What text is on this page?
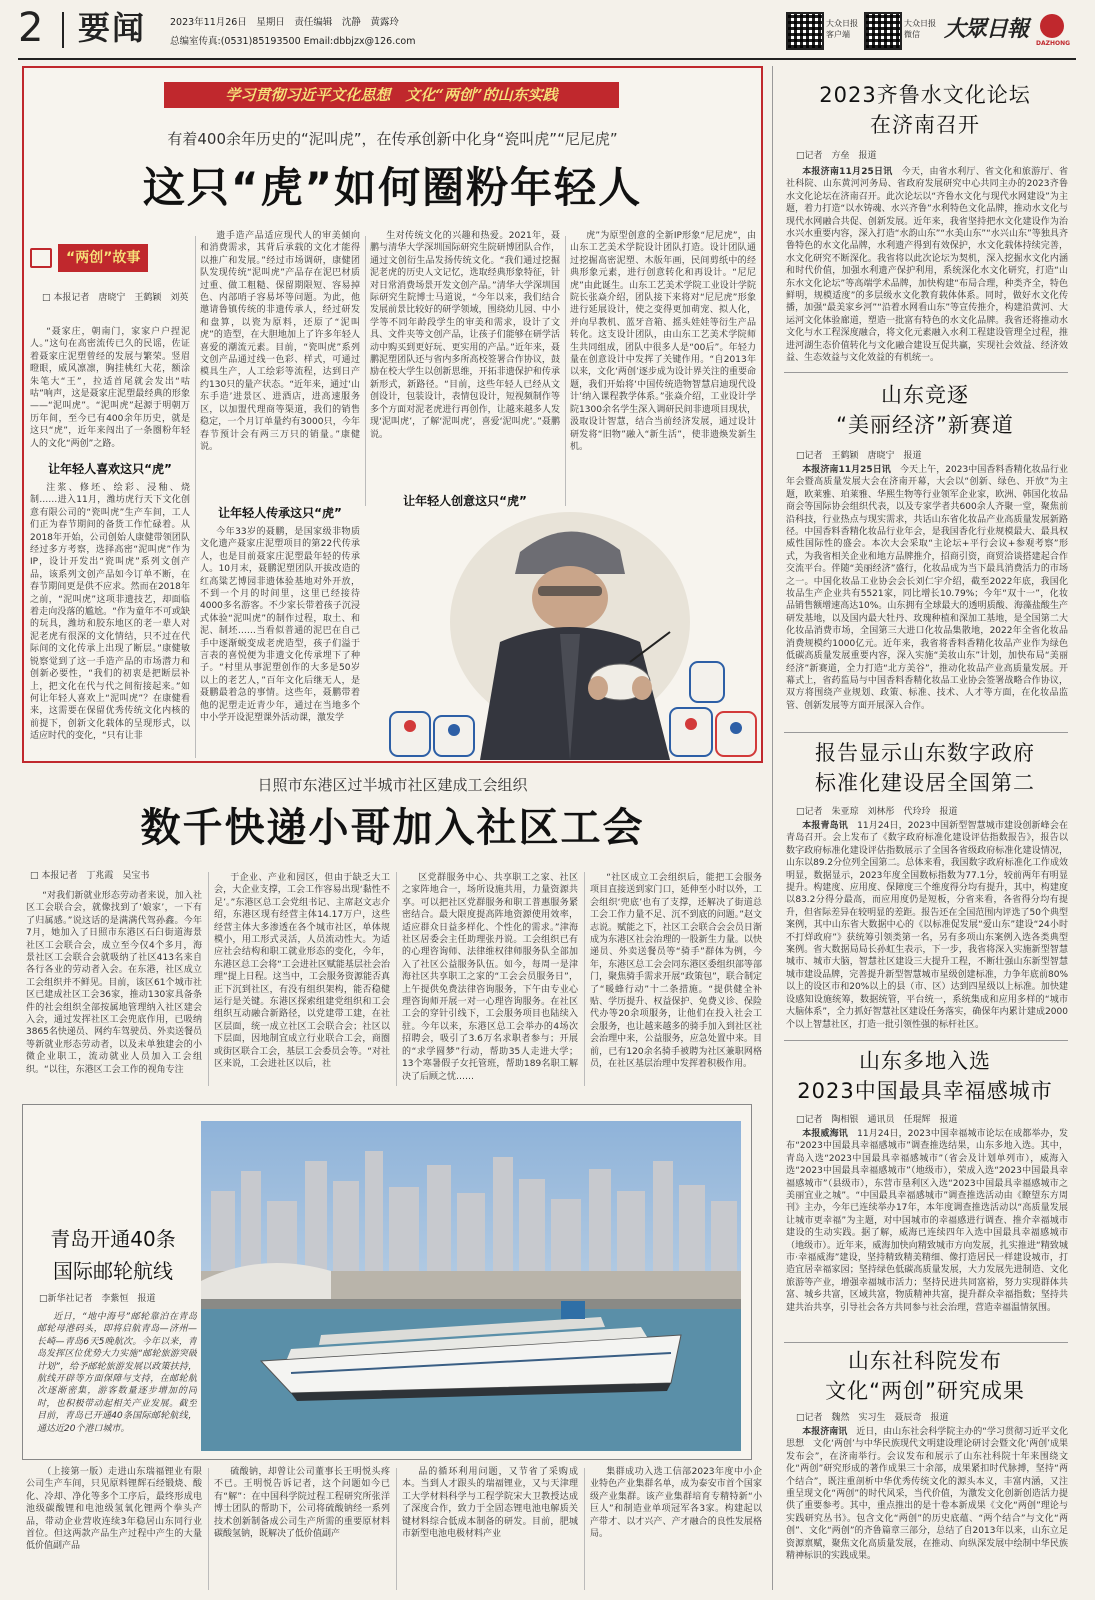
2 要闻	2023年11月26日　星期日　责任编辑　沈静　黄露玲
总编室传真:(0531)85193500 Email:dbbjzx@126.com
大众日报
客户端
大众日报
微信	大眾日報
DAZHONG
学习贯彻习近平文化思想　文化“两创”的山东实践
有着400余年历史的“泥叫虎”，在传承创新中化身“瓷叫虎”“尼尼虎”
这只“虎”如何圈粉年轻人
“两创”故事
□ 本报记者　唐晓宁　王鹤颖　刘英

“聂家庄，朝南门，家家户户捏泥人。”这句在高密流传已久的民谣，佐证着聂家庄泥塑曾经的发展与繁荣。竖眉瞪眼，威风凛凛，胸挂桃红大花，额涂朱笔大“王”，拉适首尾就会发出“咕咕”响声，这是聂家庄泥塑最经典的形象——“泥叫虎”。“泥叫虎”起源于明朝万历年间，至今已有400余年历史，就是这只“虎”，近年来闯出了一条圈粉年轻人的文化“两创”之路。

让年轻人喜欢这只“虎”

注浆、修坯、绘彩、浸釉、烧制……进入11月，潍坊虎行天下文化创意有限公司的“瓷叫虎”生产车间，工人们正为春节期间的备货工作忙碌着。从2018年开始，公司创始人康健带领团队经过多方考察，选择高密“泥叫虎”作为IP，设计开发出“瓷叫虎”系列文创产品，该系列文创产品如今订单不断，在春节期间更是供不应求。然而在2018年之前，“泥叫虎”这项非遗技艺，却面临着走向没落的尴尬。“作为童年不可或缺的玩具，潍坊和胶东地区的老一辈人对泥老虎有很深的文化情结，只不过在代际间的文化传承上出现了断层。”康健敏锐察觉到了这一手造产品的市场潜力和创新必要性，“我们的初衷是把断层补上，把文化在代与代之间衔接起来。”如何让年轻人喜欢上“泥叫虎”？在康健看来，这需要在保留优秀传统文化内核的前提下，创新文化载体的呈现形式，以适应时代的变化，“只有让非

遗手造产品适应现代人的审美倾向和消费需求，其背后承载的文化才能得以推广和发展。”经过市场调研，康健团队发现传统“泥叫虎”产品存在泥巴材质过重、做工粗糙、保留期限短、容易掉色、内部哨子容易坏等问题。为此，他邀请鲁镇传统的非遗传承人，经过研发和盘算，以瓷为原料，还原了“泥叫虎”的造型，在大胆地加上了许多年轻人喜爱的潮流元素。目前，“瓷叫虎”系列文创产品通过线一色彩、样式，可通过模具生产，人工绘彩等流程，达到日产约130只的量产状态。“近年来，通过‘山东手造’进景区、进酒店，进高速服务区，以加盟代理商等渠道，我们的销售稳定，一个月订单量约有3000只，今年春节预计会有两三万只的销量。”康健说。

让年轻人传承这只“虎”

今年33岁的聂鹏，是国家级非物质文化遗产聂家庄泥塑项目的第22代传承人，也是目前聂家庄泥塑最年轻的传承人。10月末，聂鹏泥塑团队开拔改造的红高粱艺博园非遗体验基地对外开放，不到一个月的时间里，这里已经接待4000多名游客。不少家长带着孩子沉浸式体验“泥叫虎”的制作过程，取土、和泥、制坯……当看似普通的泥巴在自己手中逐渐蜕变成老虎造型，孩子们溢于言表的喜悦便为非遗文化传承埋下了种子。“村里从事泥塑创作的大多是50岁以上的老艺人，”百年文化后继无人，是聂鹏最着急的事情。这些年，聂鹏带着他的泥塑走近青少年，通过在当地多个中小学开设泥塑课外活动课，激发学

生对传统文化的兴趣和热爱。2021年，聂鹏与清华大学深圳国际研究生院研博团队合作，通过文创衍生品发扬传统文化。“我们通过挖掘泥老虎的历史人文记忆，选取经典形象特征，针对日常消费场景开发文创产品。”清华大学深圳国际研究生院博士马道说，“今年以来，我们结合发展前景比较好的研学领域，围绕幼儿园、中小学等不同年龄段学生的审美和需求，设计了文具、文件夹等文创产品，让孩子们能够在研学活动中购买到更好玩、更实用的产品。”近年来，聂鹏泥塑团队还与省内多所高校签署合作协议，鼓励在校大学生以创新思维，开拓非遗保护和传承新形式，新路径。“目前，这些年轻人已经从文创设计，包装设计，表情包设计，短视频制作等多个方面对泥老虎进行再创作，让越来越多人发现‘泥叫虎’，了解‘泥叫虎’，喜爱‘泥叫虎’。”聂鹏说。

让年轻人创意这只“虎”

虎”为原型创意的全新IP形象“尼尼虎”，由山东工艺美术学院设计团队打造。设计团队通过挖掘高密泥塑、木版年画，民间剪纸中的经典形象元素，进行创意转化和再设计。“尼尼虎”由此诞生。山东工艺美术学院工业设计学院院长张焱介绍，团队接下来将对“尼尼虎”形象进行延展设计，使之变得更加萌宠、拟人化，并向早教机、蓝牙音箱、摇头娃娃等衍生产品转化。这支设计团队，由山东工艺美术学院师生共同组成，团队中很多人是“00后”。年轻力量在创意设计中发挥了关键作用。“自2013年以来，文化‘两创’逐步成为设计界关注的重要命题，我们开始将‘中国传统造物智慧启迪现代设计’纳入课程教学体系。”张焱介绍，工业设计学院1300余名学生深入调研民间非遗项目现状，汲取设计智慧，结合当前经济发展，通过设计研发将“旧物”融入“新生活”，使非遗焕发新生机。

日照市东港区过半城市社区建成工会组织
数千快递小哥加入社区工会
□ 本报记者　丁兆霞　吴宝书

“对我们新就业形态劳动者来说，加入社区工会联合会，就像找到了‘娘家’，一下有了归属感。”说这话的是满满代驾孙鑫。今年7月，她加入了日照市东港区石臼街道海景社区工会联合会，成立至今仅4个多月，海景社区工会联合会就吸纳了社区413名来自各行各业的劳动者入会。在东港，社区成立工会组织并不鲜见。目前，该区61个城市社区已建成社区工会36家，推动130家具备条件的社会组织全部按属地管理纳入社区建会入会，通过发挥社区工会兜底作用，已吸纳3865名快递员、网约车驾驶员、外卖送餐员等新就业形态劳动者，以及未单独建会的小微企业职工，流动就业人员加入工会组织。“以往，东港区工会工作的视角专注

于企业、产业和园区，但由于缺乏大工会，大企业支撑，工会工作容易出现‘黏性不足’。”东港区总工会党组书记、主席赵文志介绍，东港区现有经营主体14.17万户，这些经营主体大多渗透在各个城市社区，单体规模小，用工形式灵活，人员流动性大。为适应社会结构和职工就业形态的变化，今年，东港区总工会将“工会进社区赋能基层社会治理”提上日程。这当中，工会服务资源能否真正下沉到社区，有没有组织架构，能否稳健运行是关键。东港区探索组建党组织和工会组织互动融合新路径，以党建带工建，在社区层面，统一成立社区工会联合会；社区以下层面，因地制宜成立行业联合工会，商圈或街区联合工会，基层工会委员会等。“对社区来说，工会进社区以后，社

区党群服务中心、共享职工之家、社区之家阵地合一，场所设施共用，力量资源共享。可以把社区党群服务和职工普惠服务紧密结合。最大限度提高阵地资源使用效率，适应群众日益多样化、个性化的需求。”津海社区居委会主任助理张丹说。工会组织已有的心理咨询师、法律维权律师服务队全部加入了社区公益服务队伍。如今，每周一是津海社区共享职工之家的“工会会员服务日”，上午提供免费法律咨询服务，下午由专业心理咨询师开展一对一心理咨询服务。在社区工会的穿针引线下，工会服务项目也陆续入驻。今年以来，东港区总工会举办的4场次招聘会，吸引了3.6万名求职者参与；开展的“求学圆梦”行动，帮助35人走进大学；13个寒暑假子女托管班，帮助189名职工解决了后顾之忧……

“社区成立工会组织后，能把工会服务项目直接送到家门口，延伸至小时以外，工会组织‘兜底’也有了支撑，还解决了街道总工会工作力量不足、沉不到底的问题。”赵文志说。赋能之下，社区工会联合会会员日渐成为东港区社会治理的一股新生力量。以快递员、外卖送餐员等“骑手”群体为例，今年，东港区总工会会同东港区委组织部等部门，聚焦骑手需求开展“政策包”，联合制定了“暖蜂行动”十二条措施。“提供健全补贴、学历提升、权益保护、免费义诊、保险代办等20余项服务，让他们在投入社会工会服务，也让越来越多的骑手加入到社区社会治理中来，公益服务，应急处置中来。目前，已有120余名骑手被聘为社区兼职网格员，在社区基层治理中发挥着积极作用。

青岛开通40条
国际邮轮航线
□新华社记者　李紫恒　报道

近日，“地中海号”邮轮靠泊在青岛邮轮母港码头，即将启航青岛—济州—长崎—青岛6天5晚航次。今年以来，青岛发挥区位优势大力实施“邮轮旅游突破计划”，给予邮轮旅游发展以政策扶持，航线开辟等方面保障与支持，在邮轮航次逐渐密集，游客数量逐步增加的同时，也积极带动起相关产业发展。截至目前，青岛已开通40条国际邮轮航线，通达近20个港口城市。

（上接第一版）走进山东瑞福锂业有限公司生产车间，只见原料锂辉石经锻烧、酸化、冷却、净化等多个工序后，最终形成电池级碳酸锂和电池级氢氧化锂两个拳头产品，带动企业营收连续3年稳居山东同行业首位。但这两款产品生产过程中产生的大量低价值副产品

硫酸钠，却曾让公司董事长王明悦头疼不已。王明悦告诉记者，这个问题如今已有“解”：在中国科学院过程工程研究所张洋博士团队的帮助下，公司将硫酸钠经一系列技术创新制备成公司生产所需的重要原材料碳酸氢钠，既解决了低价值副产

品的循环利用问题，又节省了采购成本。当到人才跟头的瑞福锂业，又与天津理工大学材料科学与工程学院宋大卫教授达成了深度合作，致力于全固态锂电池电解质关键材料综合低成本制备的研发。目前，肥城市新型电池电极材料产业

集群成功入选工信部2023年度中小企业特色产业集群名单，成为泰安市首个国家级产业集群。该产业集群培育专精特新“小巨人”和制造业单项冠军各3家。构建起以产带才、以才兴产、产才融合的良性发展格局。

2023齐鲁水文化论坛
在济南召开
□记者　方垒　报道

本报济南11月25日讯　 今天，由省水利厅、省文化和旅游厅、省社科院、山东黄河河务局、省政府发展研究中心共同主办的2023齐鲁水文化论坛在济南召开。此次论坛以“齐鲁水文化与现代水网建设”为主题，着力打造“以水铸魂、水兴齐鲁”水利特色文化品牌，推动水文化与现代水网融合共促、创新发展。近年来，我省坚持把水文化建设作为治水兴水重要内容，深入打造“水韵山东”“水美山东”“水兴山东”等独具齐鲁特色的水文化品牌，水利遗产得到有效保护，水文化载体持续完善，水文化研究不断深化。我省将以此次论坛为契机，深入挖掘水文化内涵和时代价值，加强水利遗产保护利用，系统深化水文化研究，打造“山东水文化论坛”等高端学术品牌，加快构建“布局合理，种类齐全，特色鲜明，规模适度”的多层级水文化教育载体体系。同时，做好水文化传播，加强“最美家乡河”“沿着水网看山东”等宣传推介，构建沿黄河、大运河文化体验廊道，塑造一批富有特色的水文化品牌。我省还将推动水文化与水工程深度融合，将文化元素融入水利工程建设管理全过程，推进河湖生态价值转化与文化融合建设互促共赢，实现社会效益、经济效益、生态效益与文化效益的有机统一。

山东竞逐
“美丽经济”新赛道
□记者　王鹤颖　唐晓宁　报道

本报济南11月25日讯　 今天上午，2023中国香料香精化妆品行业年会暨高质量发展大会在济南开幕，大会以“创新、绿色、开放”为主题，欧莱雅、珀莱雅、华熙生物等行业领军企业家，欧洲、韩国化妆品商会等国际协会组织代表，以及专家学者共600余人齐聚一堂，聚焦前沿科技，行业热点与现实需求，共话山东省化妆品产业高质量发展新路径。中国香料香精化妆品行业年会，是我国香化行业规模最大、最具权威性国际性的盛会。本次大会采取“主论坛+平行会议+参观考察”形式，为我省相关企业和地方品牌推介，招商引资，商贸洽谈搭建起合作交流平台。伴随“美丽经济”盛行，化妆品成为当下最具消费活力的市场之一。中国化妆品工业协会会长刘仁宇介绍，截至2022年底，我国化妆品生产企业共有5521家，同比增长10.79%；今年“双十一”，化妆品销售额增速高达10%。山东拥有全球最大的透明质酸、海藻盐酸生产研发基地，以及国内最大牡丹、玫瑰种植和深加工基地，是全国第二大化妆品消费市场，全国第三大进口化妆品集散地，2022年全省化妆品消费规模约1000亿元。近年来，我省将香料香精化妆品产业作为绿色低碳高质量发展重要内容，深入实施“美妆山东”计划，加快布局“美丽经济”新赛道，全力打造“北方美谷”，推动化妆品产业高质量发展。开幕式上，省药监局与中国香料香精化妆品工业协会签署战略合作协议，双方将围绕产业规划、政策、标准、技术、人才等方面，在化妆品监管、创新发展等方面开展深入合作。

报告显示山东数字政府
标准化建设居全国第二
□记者　朱亚琼　刘林彤　代玲玲　报道

本报青岛讯　 11月24日，2023中国新型智慧城市建设创新峰会在青岛召开。会上发布了《数字政府标准化建设评估指数报告》，报告以数字政府标准化建设评估指数展示了全国各省级政府标准化建设情况，山东以89.2分位列全国第二。总体来看，我国数字政府标准化工作成效明显，数据显示，2023年度全国数标指数为77.1分，较前两年有明显提升。构建度、应用度、保障度三个维度得分均有提升，其中，构建度以83.2分得分最高，而应用度仍是短板，分省来看，各省得分均有提升，但省际差异在较明显的差距。报告还在全国范围内评选了50个典型案例，其中山东省大数据中心的《以标准促发展“爱山东”建设“24小时不打烊政府”》获统筹引领类第一名，另有多项山东案例入选各类典型案例。省大数据局局长孙虹生表示，下一步，我省将深入实施新型智慧城市、城市大脑，智慧社区建设三大提升工程，不断壮强山东新型智慧城市建设品牌，完善提升新型智慧城市星级创建标准，力争年底前80%以上的设区市和20%以上的县（市、区）达到四星级以上标准。加快建设感知设施统筹，数据统管，平台统一，系统集成和应用多样的“城市大脑体系”，全力抓好智慧社区建设任务落实，确保年内累计建成2000个以上智慧社区，打造一批引领性强的标杆社区。

山东多地入选
2023中国最具幸福感城市
□记者　陶相银　通讯员　任琨辉　报道

本报威海讯　 11月24日，2023中国幸福城市论坛在成都举办，发布“2023中国最具幸福感城市”调查推选结果，山东多地入选。其中，青岛入选“2023中国最具幸福感城市”（省会及计划单列市），威海入选“2023中国最具幸福感城市”（地级市），荣成入选“2023中国最具幸福感城市”（县级市），东营市垦利区入选“2023中国最具幸福感城市之美丽宜业之城”。“中国最具幸福感城市”调查推选活动由《瞭望东方周刊》主办，今年已连续举办17年，本年度调查推选活动以“高质量发展让城市更幸福”为主题，对中国城市的幸福感进行调查、推介幸福城市建设的生动实践。据了解，威海已连续四年入选中国最具幸福感城市（地级市）。近年来，威海加快向精致城市方向发展，扎实推进“精致城市·幸福威海”建设，坚持精致精美精细、像打造居民一样建设城市，打造宜居幸福家园；坚持绿色低碳高质量发展，大力发展先进制造、文化旅游等产业，增强幸福城市活力；坚持民进共同富裕，努力实现群体共富、城乡共富，区域共富，物质精神共富，提升群众幸福指数；坚持共建共治共享，引导社会各方共同参与社会治理，营造幸福温情氛围。

山东社科院发布
文化“两创”研究成果
□记者　魏然　实习生　聂辰奇　报道

本报济南讯　 近日，由山东社会科学院主办的“学习贯彻习近平文化思想　文化‘两创’与中华民族现代文明建设理论研讨会暨文化‘两创’成果发布会”，在济南举行。会议发布和展示了山东社科院十年来围绕文化“两创”研究形成的著作成果三十余部，成果紧扣时代脉搏，坚持“两个结合”，既注重剖析中华优秀传统文化的源头本义，丰富内涵，又注重呈现文化“两创”的时代风采，当代价值，为激发文化创新创造活力提供了重要参考。其中，重点推出的是十卷本新成果《文化“两创”理论与实践研究丛书》。包含文化“两创”的历史底蕴、“两个结合”与文化“两创”、文化“两创”的齐鲁篇章三部分，总结了自2013年以来，山东立足资源禀赋，聚焦文化高质量发展，在推动、向纵深发展中绘制中华民族精神标识的实践成果。
